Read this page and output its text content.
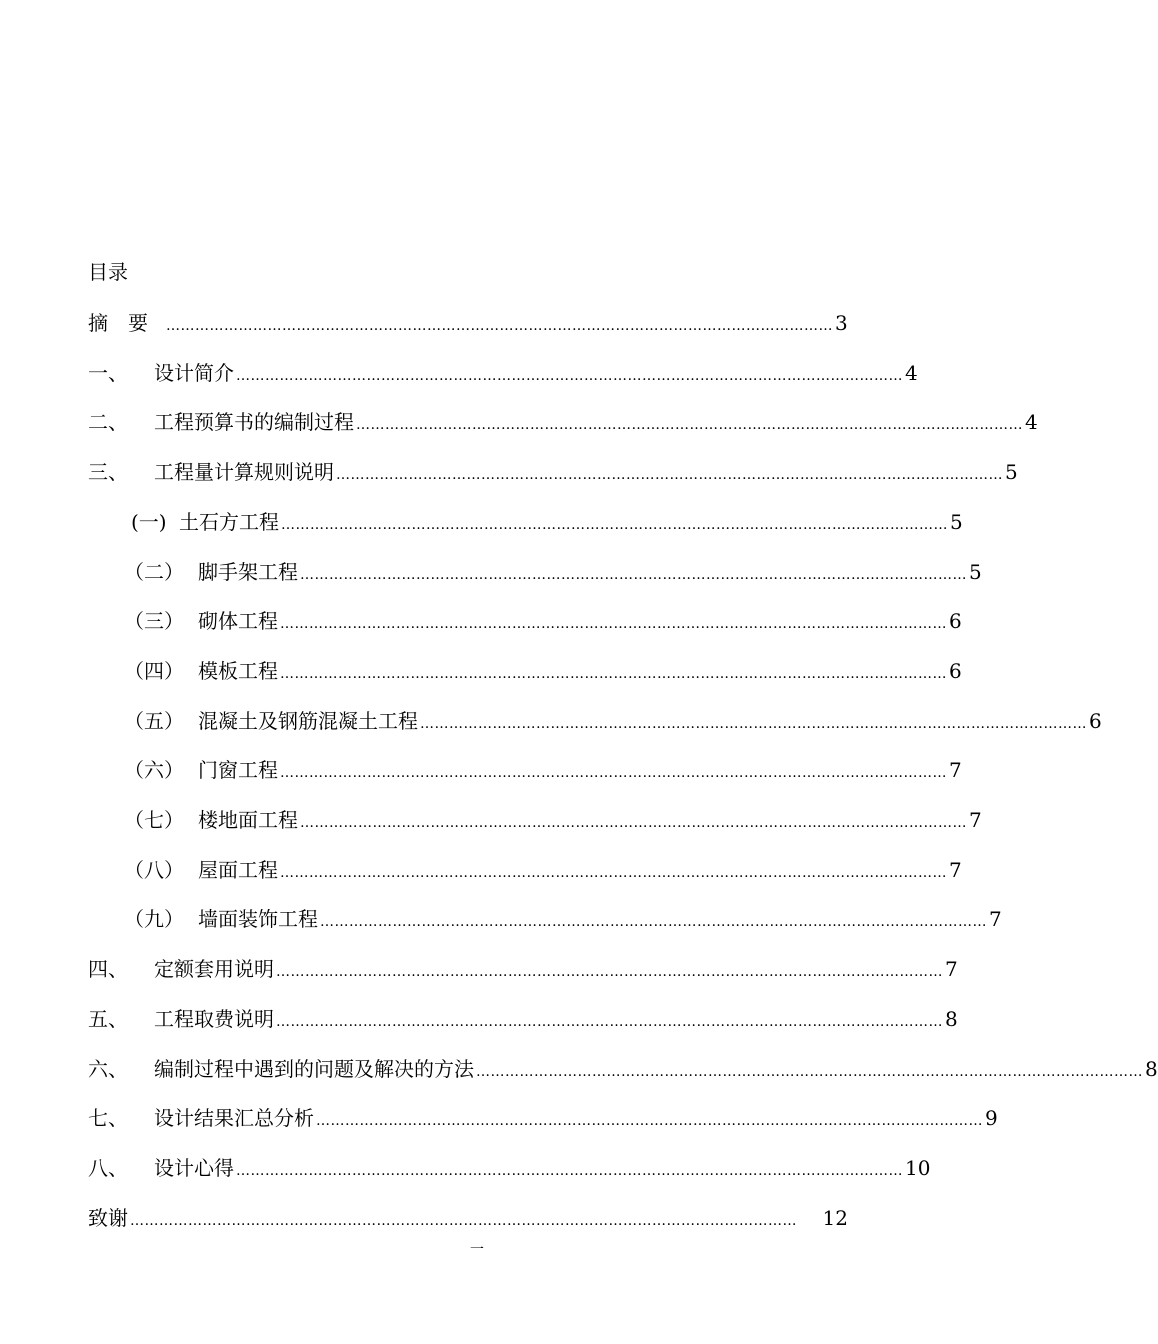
目录
摘　要	………………………………………………………………………………………………………………………… 3
一、	设计简介 ………………………………………………………………………………………………………………………… 4
二、	工程预算书的编制过程 ………………………………………………………………………………………………………………………… 4
三、	工程量计算规则说明 ………………………………………………………………………………………………………………………… 5
(一) 土石方工程 ………………………………………………………………………………………………………………………… 5
（二） 脚手架工程 ………………………………………………………………………………………………………………………… 5
（三） 砌体工程 ………………………………………………………………………………………………………………………… 6
（四） 模板工程 ………………………………………………………………………………………………………………………… 6
（五） 混凝土及钢筋混凝土工程 ………………………………………………………………………………………………………………………… 6
（六） 门窗工程 ………………………………………………………………………………………………………………………… 7
（七） 楼地面工程 ………………………………………………………………………………………………………………………… 7
（八） 屋面工程 ………………………………………………………………………………………………………………………… 7
（九） 墙面装饰工程 ………………………………………………………………………………………………………………………… 7
四、	定额套用说明 ………………………………………………………………………………………………………………………… 7
五、	工程取费说明 ………………………………………………………………………………………………………………………… 8
六、	编制过程中遇到的问题及解决的方法 ………………………………………………………………………………………………………………………… 8
七、	设计结果汇总分析 ………………………………………………………………………………………………………………………… 9
八、	设计心得 ………………………………………………………………………………………………………………………… 10
致谢 …………………………………………………………………………………………………………………………	12
一
